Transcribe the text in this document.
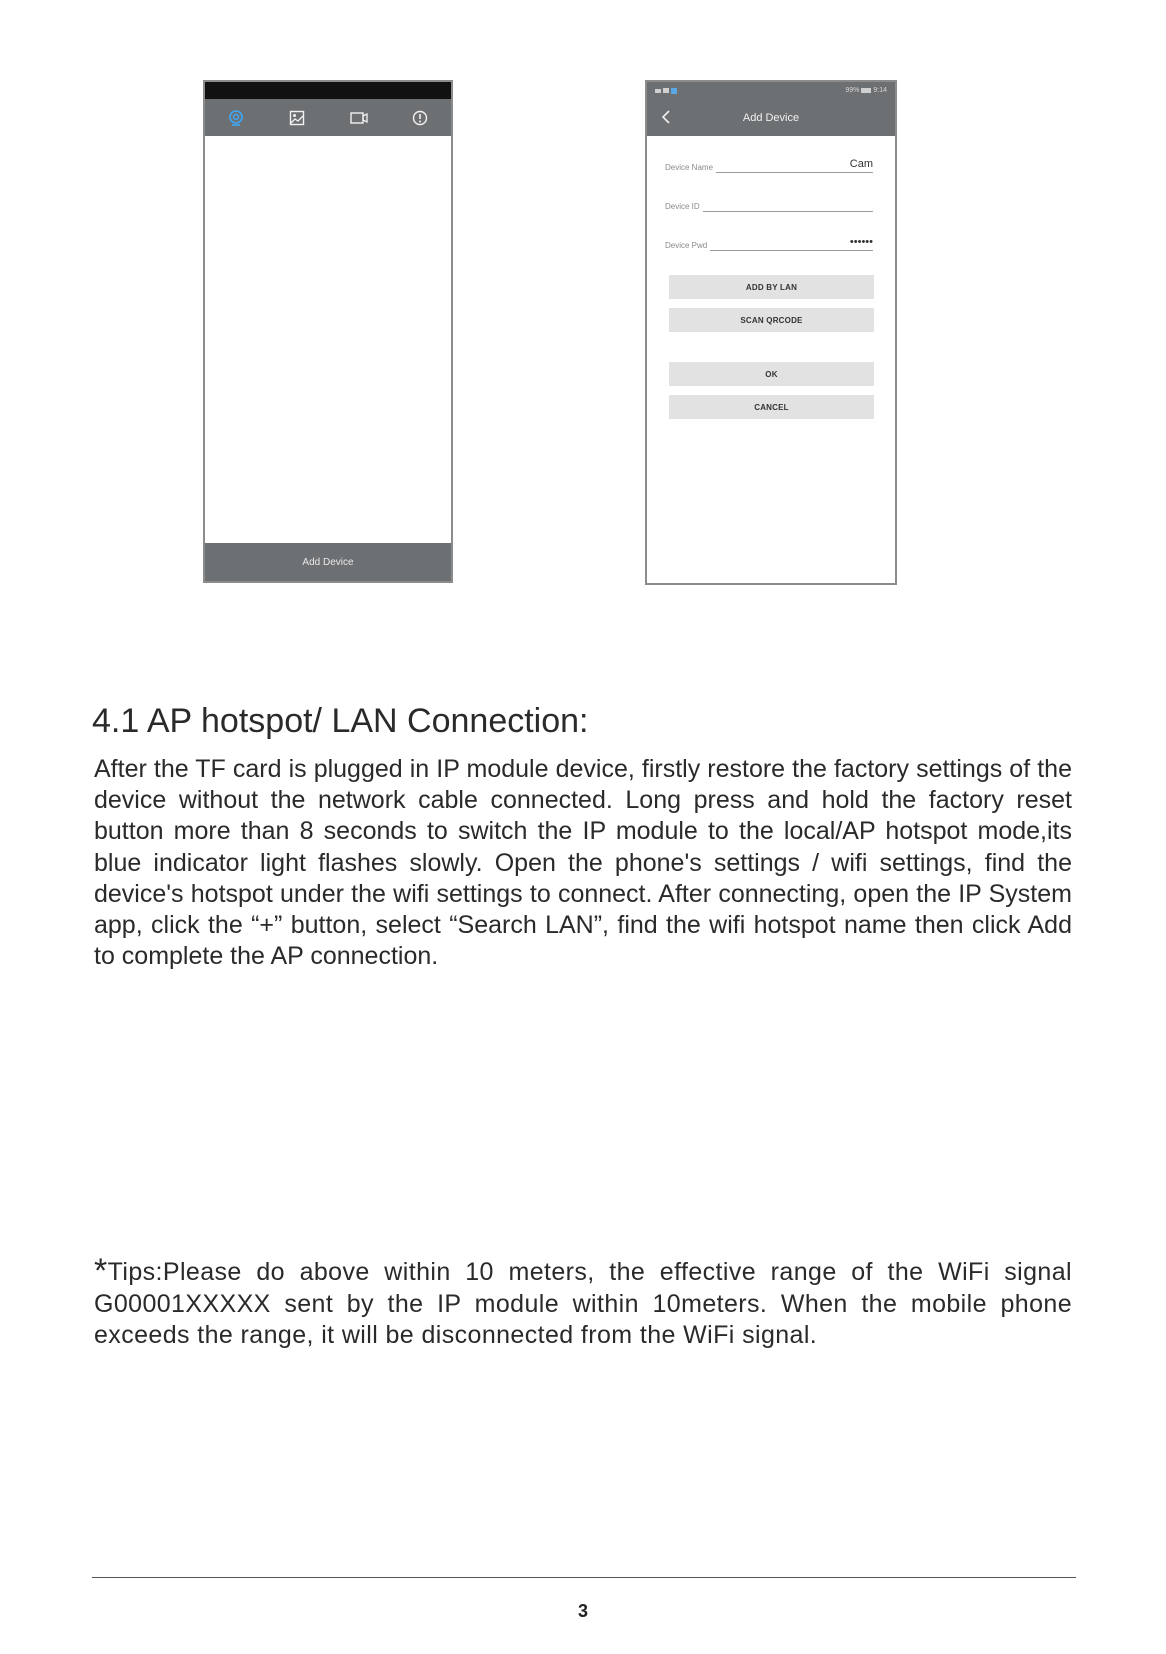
Add Device
99% 9:14
Add Device
Device Name	Cam
Device ID
Device Pwd	••••••
ADD BY LAN
SCAN QRCODE
OK
CANCEL
4.1 AP hotspot/ LAN Connection:
After the TF card is plugged in IP module device, firstly restore the factory settings of the device without the network cable connected. Long press and hold the factory reset button more than 8 seconds to switch the IP module to the local/AP hotspot mode,its blue indicator light flashes slowly. Open the phone's settings / wifi settings, find the device's hotspot under the wifi settings to connect. After connecting, open the IP System app, click the “+” button, select “Search LAN”, find the wifi hotspot name then click Add to complete the AP connection.
*Tips:Please do above within 10 meters, the effective range of the WiFi signal G00001XXXXX sent by the IP module within 10meters. When the mobile phone exceeds the range, it will be disconnected from the WiFi signal.
3
